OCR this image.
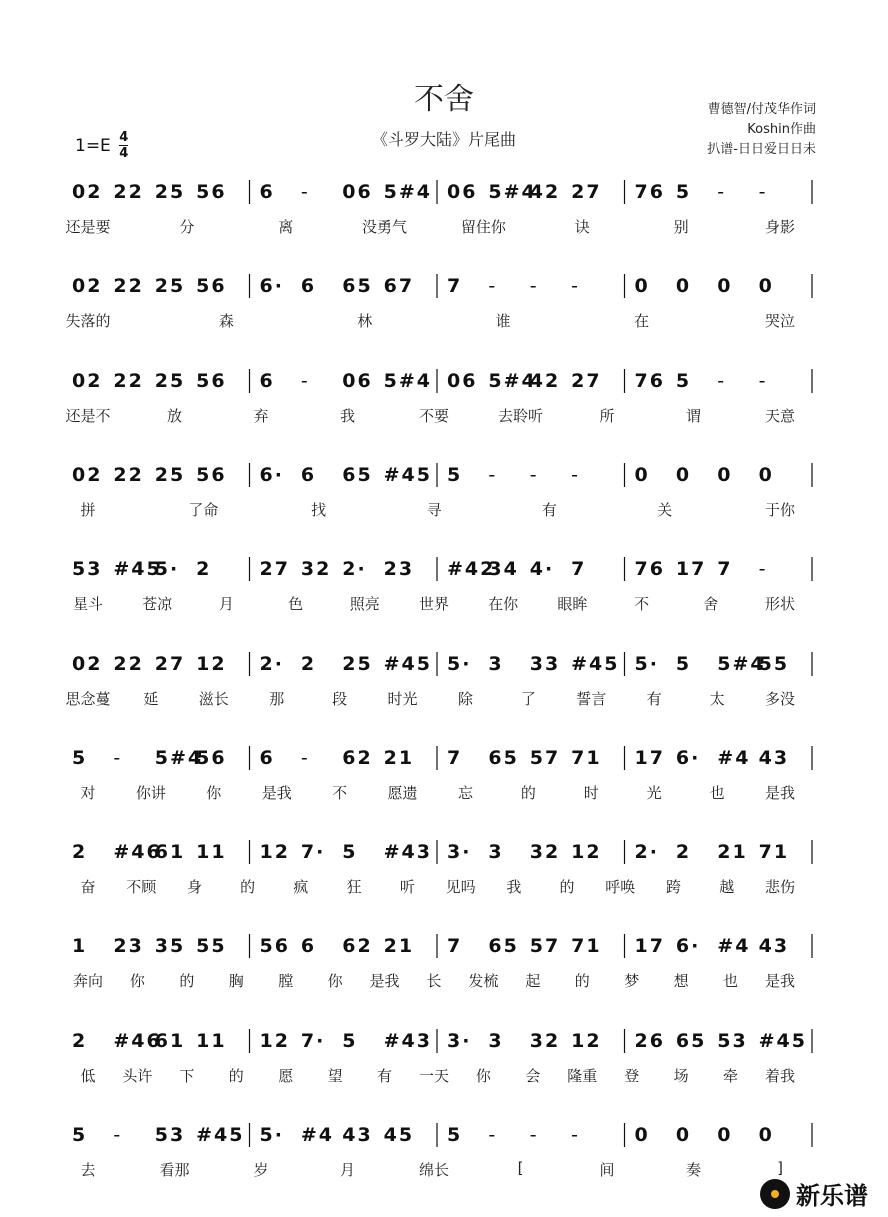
不舍
《斗罗大陆》片尾曲
$1=E \frac{4}{4}$
曹德智/付茂华作词
Koshin作曲
扒谱-日日爱日日未
02 22 25 56 6 - 06 5#4 06 5#4
42 27 76 5 - -
还是要	分	离	没勇气	留住你	诀	别	身影
02 22 25 56 6· 6 65 67 7 - - -	0 0 0 0
失落的	森	林	谁	在	哭泣
02 22 25 56 6 - 06 5#4 06 5#4
42 27 76 5 - -
还是不	放	弃	我	不要	去聆听	所	谓	天意
02 22 25 56 6· 6 65 #45 5 - - -	0 0 0 0
拼	了命	找	寻	有	关	于你
53 #45
5· 2	27 32 2· 23 #42
34 4· 7	76 17 7 -
星斗	苍凉	月	色	照亮	世界	在你	眼眸	不	舍	形状
02 22 27 12 2· 2 25 #45 5· 3 33 #45 5· 5 5#4
55
思念蔓 延	滋长	那	段	时光	除	了	誓言	有	太	多没
5 - 5#4
56 6 - 62 21 7 65 57 71 17 6· #4 43
对	你讲	你	是我	不	愿遗	忘	的	时	光	也	是我
2 #46
61 11 12 7· 5 #43 3· 3 32 12 2· 2 21 71
奋 不顾 身	的	疯	狂	听 见吗 我	的 呼唤 跨	越 悲伤
1 23 35 55 56 6 62 21 7 65 57 71 17 6· #4 43
奔向 你 的 胸 膛 你 是我 长 发梳 起 的 梦 想 也 是我
2 #46
61 11 12 7· 5 #43 3· 3 32 12 26 65 53 #45
低 头许 下 的 愿 望 有 一天 你 会 隆重 登 场 牵 着我
5 - 53 #45 5· #4 43 45 5 - - -	0 0 0 0
去	看那	岁	月	绵长	[	间	奏	]
新乐谱
